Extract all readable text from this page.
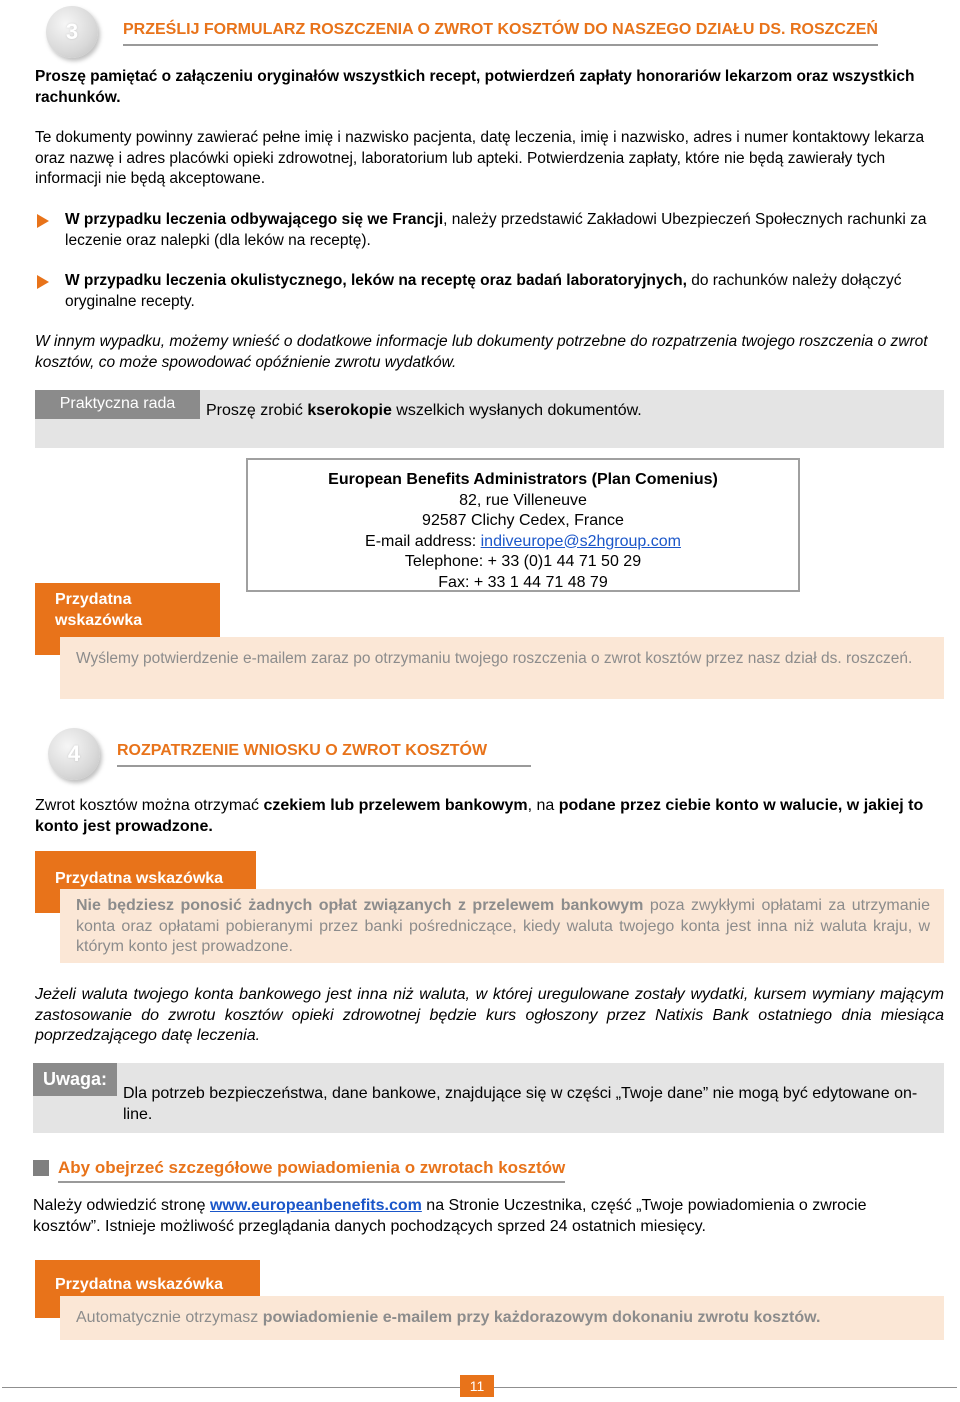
3	PRZEŚLIJ FORMULARZ ROSZCZENIA O ZWROT KOSZTÓW DO NASZEGO DZIAŁU DS. ROSZCZEŃ
Proszę pamiętać o załączeniu oryginałów wszystkich recept, potwierdzeń zapłaty honorariów lekarzom oraz wszystkich rachunków.
Te dokumenty powinny zawierać pełne imię i nazwisko pacjenta, datę leczenia, imię i nazwisko, adres i numer kontaktowy lekarza oraz nazwę i adres placówki opieki zdrowotnej, laboratorium lub apteki. Potwierdzenia zapłaty, które nie będą zawierały tych informacji nie będą akceptowane.
W przypadku leczenia odbywającego się we Francji, należy przedstawić Zakładowi Ubezpieczeń Społecznych rachunki za leczenie oraz nalepki (dla leków na receptę).
W przypadku leczenia okulistycznego, leków na receptę oraz badań laboratoryjnych, do rachunków należy dołączyć oryginalne recepty.
W innym wypadku, możemy wnieść o dodatkowe informacje lub dokumenty potrzebne do rozpatrzenia twojego roszczenia o zwrot kosztów, co może spowodować opóźnienie zwrotu wydatków.
Praktyczna rada	Proszę zrobić kserokopie wszelkich wysłanych dokumentów.
European Benefits Administrators (Plan Comenius)
82, rue Villeneuve
92587 Clichy Cedex, France
E-mail address: indiveurope@s2hgroup.com
Telephone: + 33 (0)1 44 71 50 29
Fax: + 33 1 44 71 48 79
Przydatna
wskazówka
Wyślemy potwierdzenie e-mailem zaraz po otrzymaniu twojego roszczenia o zwrot kosztów przez nasz dział ds. roszczeń.
4 ROZPATRZENIE WNIOSKU O ZWROT KOSZTÓW
Zwrot kosztów można otrzymać czekiem lub przelewem bankowym, na podane przez ciebie konto w walucie, w jakiej to konto jest prowadzone.
Przydatna wskazówka
Nie będziesz ponosić żadnych opłat związanych z przelewem bankowym poza zwykłymi opłatami za utrzymanie konta oraz opłatami pobieranymi przez banki pośredniczące, kiedy waluta twojego konta jest inna niż waluta kraju, w którym konto jest prowadzone.
Jeżeli waluta twojego konta bankowego jest inna niż waluta, w której uregulowane zostały wydatki, kursem wymiany mającym zastosowanie do zwrotu kosztów opieki zdrowotnej będzie kurs ogłoszony przez Natixis Bank ostatniego dnia miesiąca poprzedzającego datę leczenia.
Uwaga:
Dla potrzeb bezpieczeństwa, dane bankowe, znajdujące się w części „Twoje dane” nie mogą być edytowane on-line.
Aby obejrzeć szczegółowe powiadomienia o zwrotach kosztów
Należy odwiedzić stronę www.europeanbenefits.com na Stronie Uczestnika, część „Twoje powiadomienia o zwrocie kosztów”. Istnieje możliwość przeglądania danych pochodzących sprzed 24 ostatnich miesięcy.
Przydatna wskazówka
Automatycznie otrzymasz powiadomienie e-mailem przy każdorazowym dokonaniu zwrotu kosztów.
11
